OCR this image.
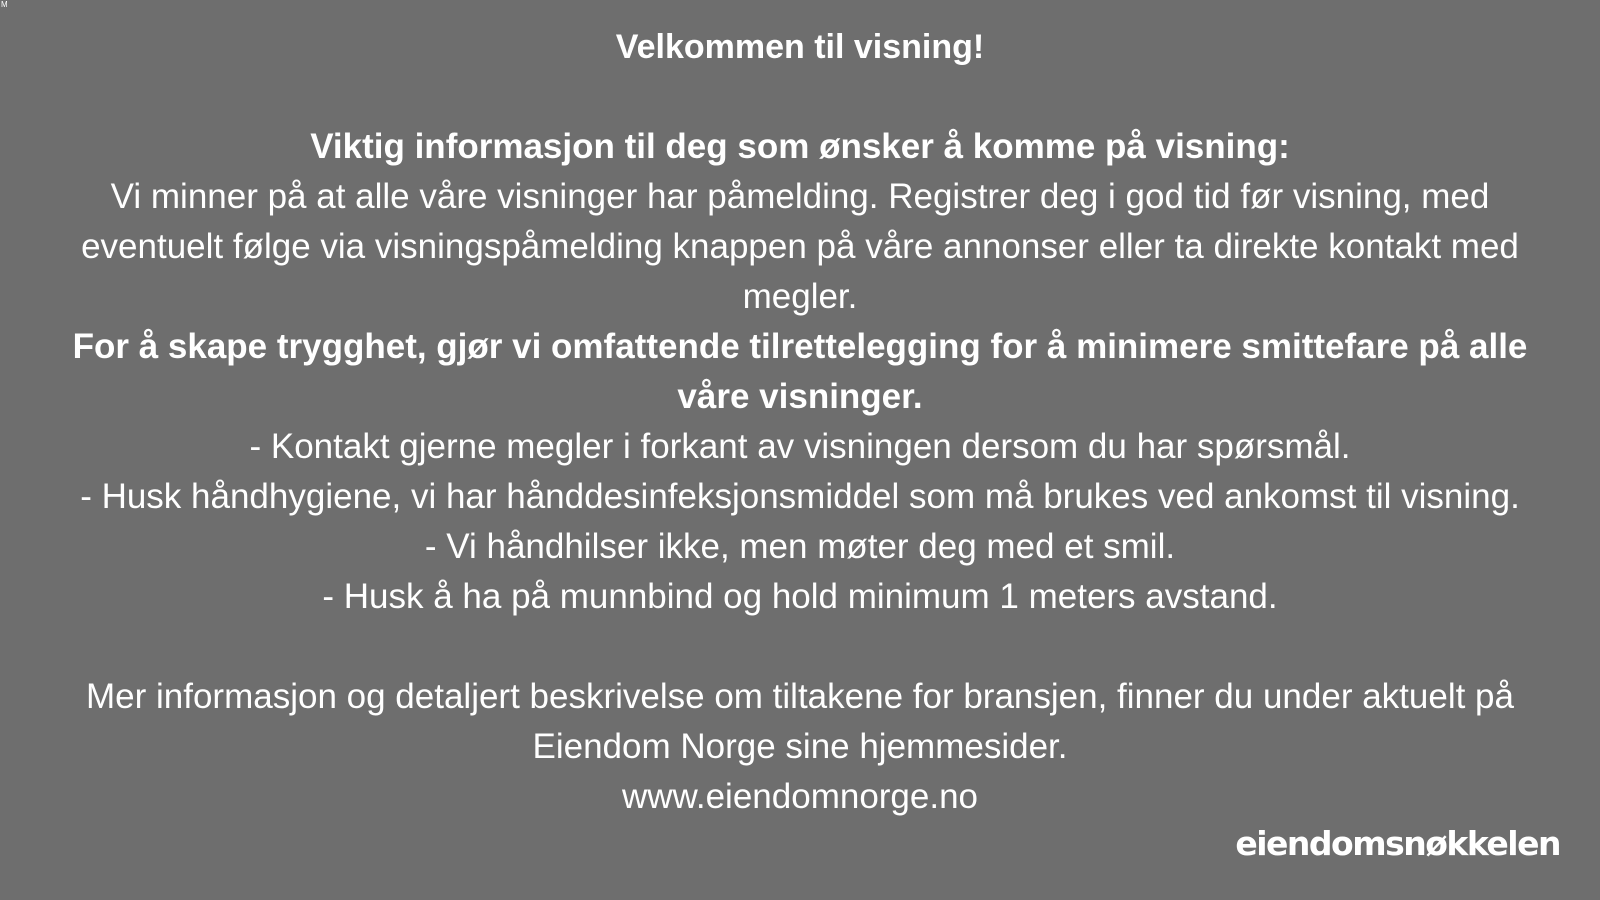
M

Velkommen til visning!

Viktig informasjon til deg som ønsker å komme på visning:

Vi minner på at alle våre visninger har påmelding. Registrer deg i god tid før visning, med eventuelt følge via visningspåmelding knappen på våre annonser eller ta direkte kontakt med megler.

For å skape trygghet, gjør vi omfattende tilrettelegging for å minimere smittefare på alle våre visninger.

- Kontakt gjerne megler i forkant av visningen dersom du har spørsmål.

- Husk håndhygiene, vi har hånddesinfeksjonsmiddel som må brukes ved ankomst til visning.

- Vi håndhilser ikke, men møter deg med et smil.

- Husk å ha på munnbind og hold minimum 1 meters avstand.

Mer informasjon og detaljert beskrivelse om tiltakene for bransjen, finner du under aktuelt på Eiendom Norge sine hjemmesider.

www.eiendomnorge.no

eiendomsnøkkelen
